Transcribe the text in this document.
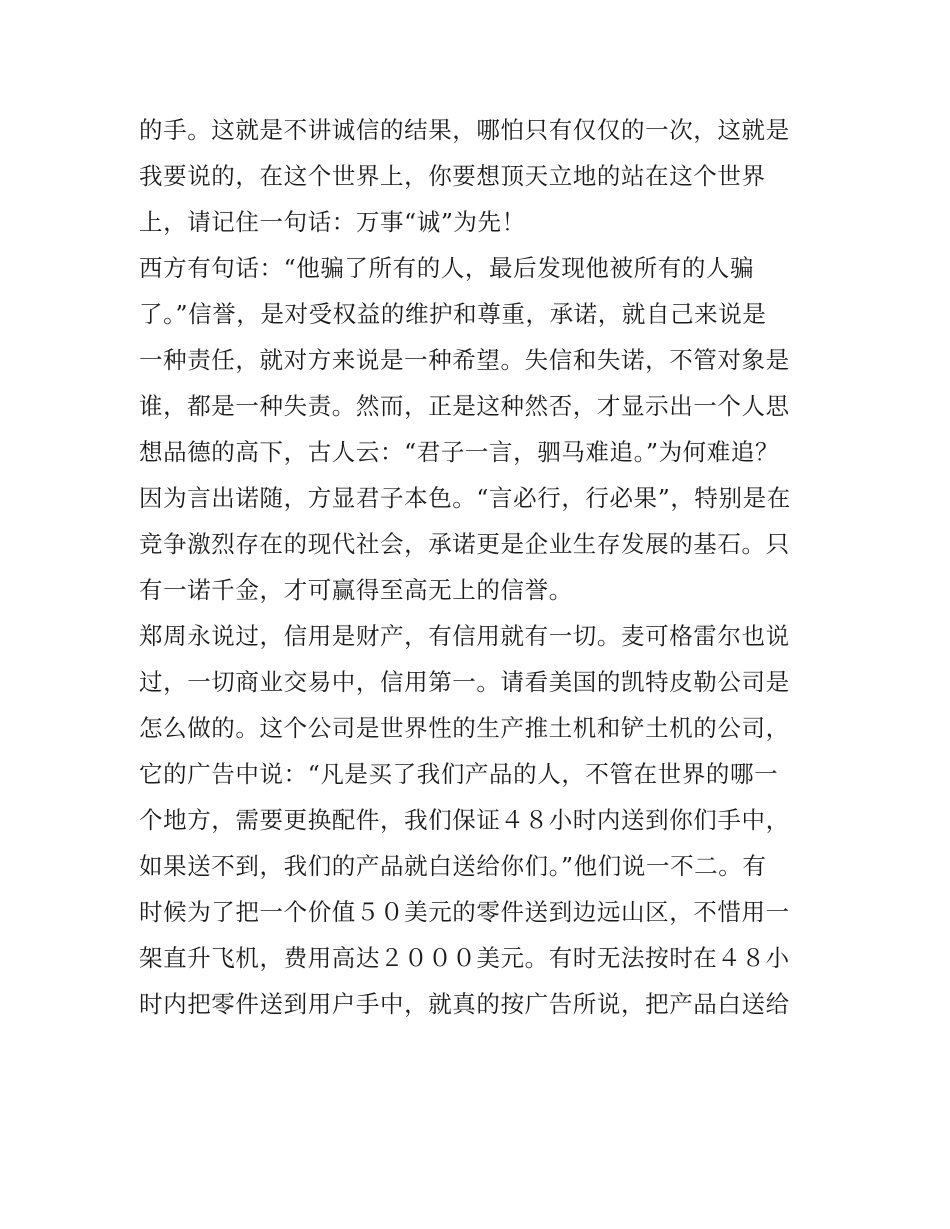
的手。这就是不讲诚信的结果，哪怕只有仅仅的一次，这就是
我要说的，在这个世界上，你要想顶天立地的站在这个世界
上，请记住一句话：万事“诚”为先！
西方有句话：“他骗了所有的人，最后发现他被所有的人骗
了。”信誉，是对受权益的维护和尊重，承诺，就自己来说是
一种责任，就对方来说是一种希望。失信和失诺，不管对象是
谁，都是一种失责。然而，正是这种然否，才显示出一个人思
想品德的高下，古人云：“君子一言，驷马难追。”为何难追？
因为言出诺随，方显君子本色。“言必行，行必果”，特别是在
竞争激烈存在的现代社会，承诺更是企业生存发展的基石。只
有一诺千金，才可赢得至高无上的信誉。
郑周永说过，信用是财产，有信用就有一切。麦可格雷尔也说
过，一切商业交易中，信用第一。请看美国的凯特皮勒公司是
怎么做的。这个公司是世界性的生产推土机和铲土机的公司，
它的广告中说：“凡是买了我们产品的人，不管在世界的哪一
个地方，需要更换配件，我们保证４８小时内送到你们手中，
如果送不到，我们的产品就白送给你们。”他们说一不二。有
时候为了把一个价值５０美元的零件送到边远山区，不惜用一
架直升飞机，费用高达２０００美元。有时无法按时在４８小
时内把零件送到用户手中，就真的按广告所说，把产品白送给
